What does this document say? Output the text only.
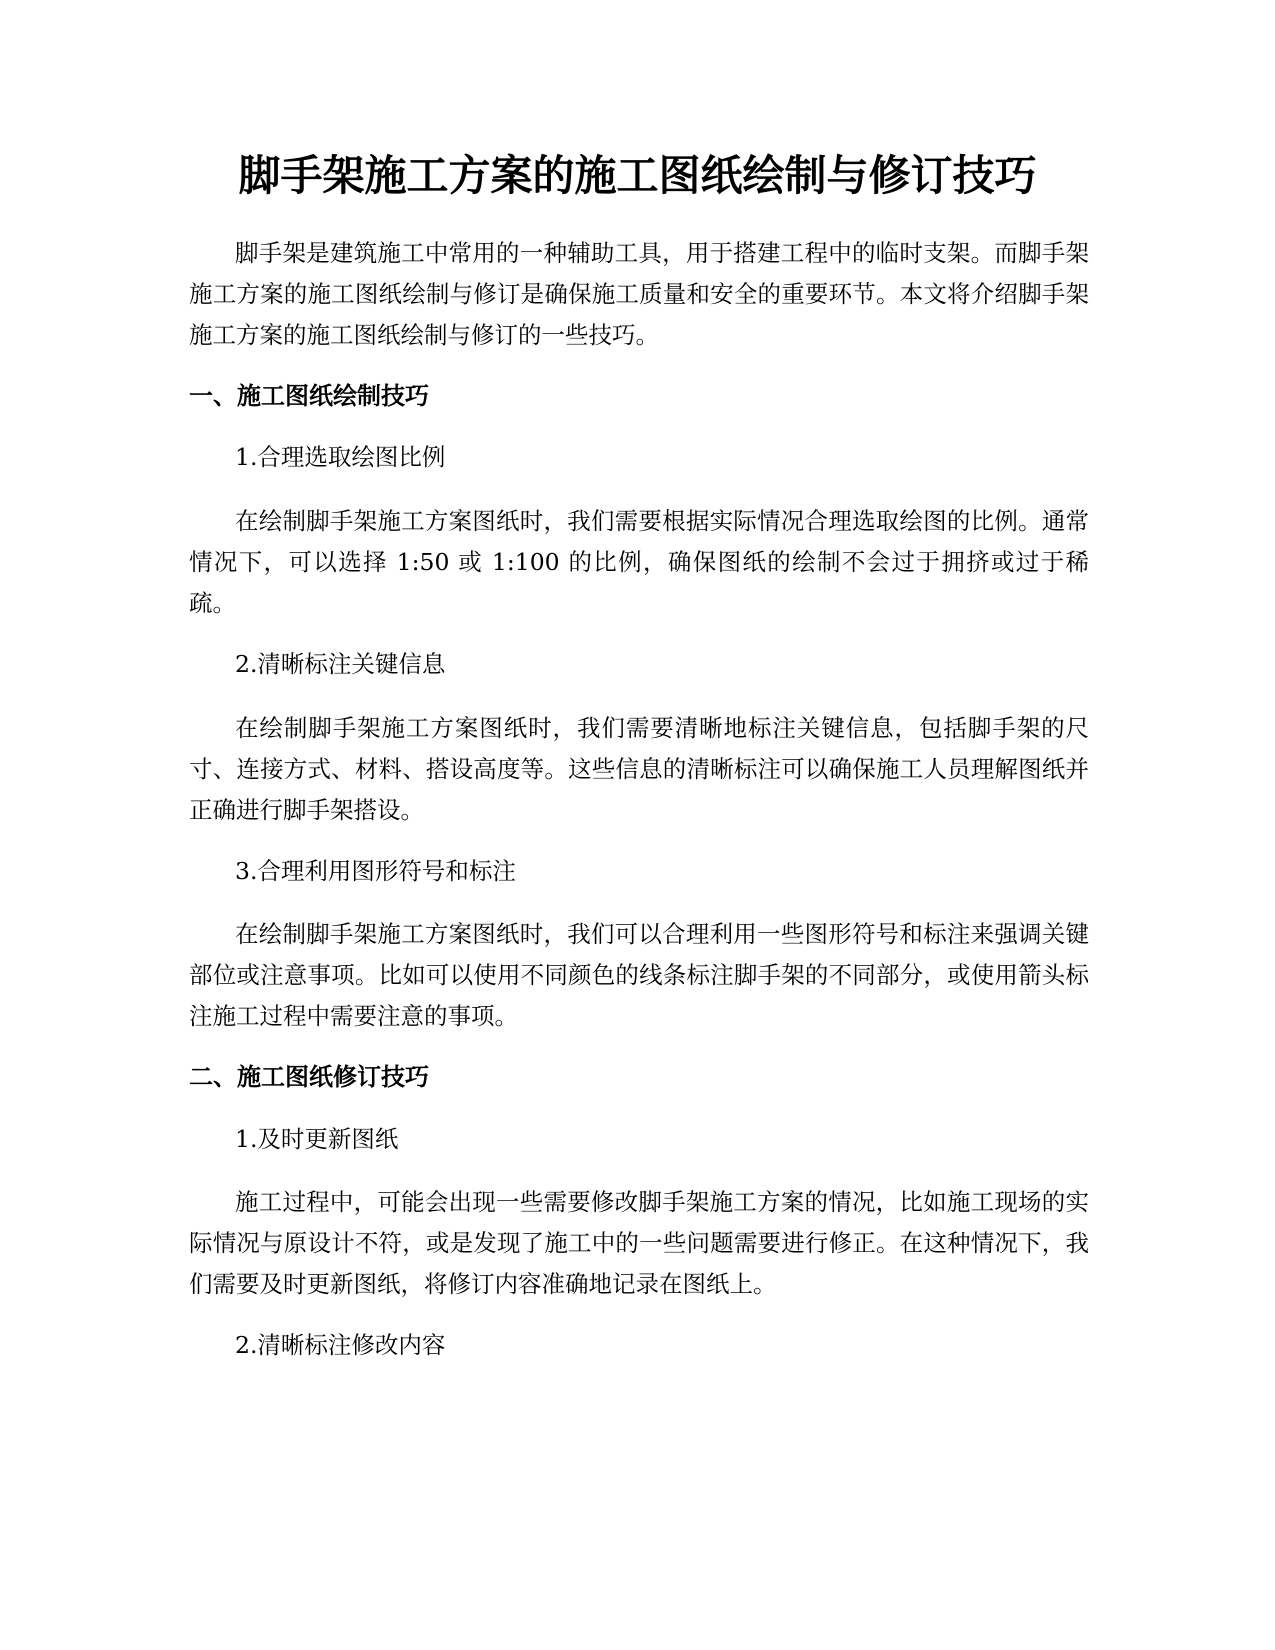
脚手架施工方案的施工图纸绘制与修订技巧

脚手架是建筑施工中常用的一种辅助工具，用于搭建工程中的临时支架。而脚手架施工方案的施工图纸绘制与修订是确保施工质量和安全的重要环节。本文将介绍脚手架施工方案的施工图纸绘制与修订的一些技巧。

一、施工图纸绘制技巧

1.合理选取绘图比例

在绘制脚手架施工方案图纸时，我们需要根据实际情况合理选取绘图的比例。通常情况下，可以选择 1:50 或 1:100 的比例，确保图纸的绘制不会过于拥挤或过于稀疏。

2.清晰标注关键信息

在绘制脚手架施工方案图纸时，我们需要清晰地标注关键信息，包括脚手架的尺寸、连接方式、材料、搭设高度等。这些信息的清晰标注可以确保施工人员理解图纸并正确进行脚手架搭设。

3.合理利用图形符号和标注

在绘制脚手架施工方案图纸时，我们可以合理利用一些图形符号和标注来强调关键部位或注意事项。比如可以使用不同颜色的线条标注脚手架的不同部分，或使用箭头标注施工过程中需要注意的事项。

二、施工图纸修订技巧

1.及时更新图纸

施工过程中，可能会出现一些需要修改脚手架施工方案的情况，比如施工现场的实际情况与原设计不符，或是发现了施工中的一些问题需要进行修正。在这种情况下，我们需要及时更新图纸，将修订内容准确地记录在图纸上。

2.清晰标注修改内容
